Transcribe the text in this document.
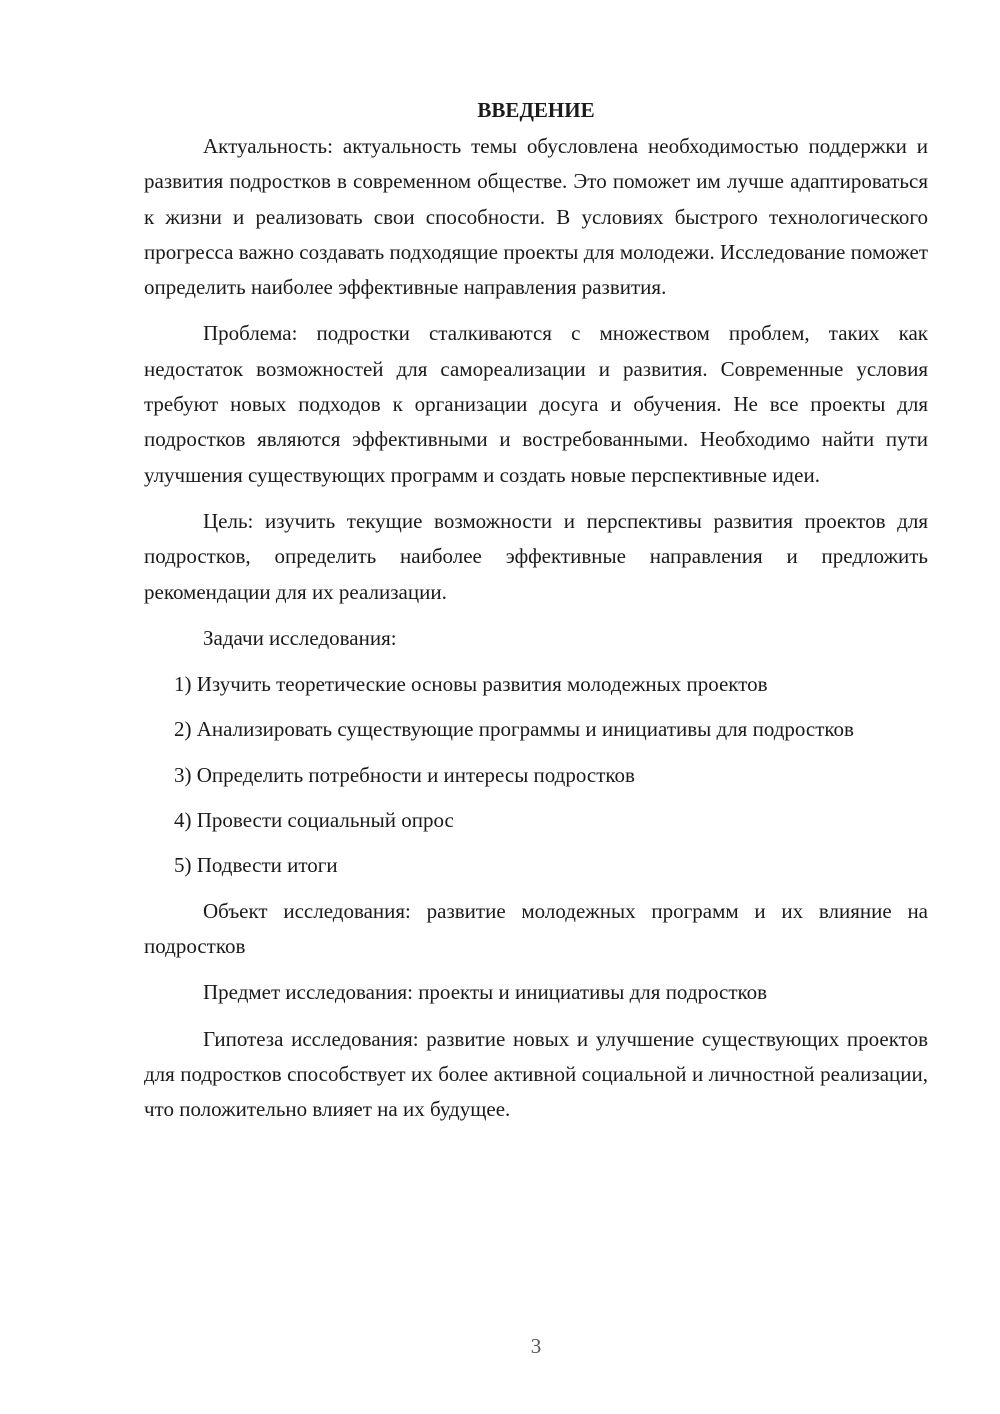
ВВЕДЕНИЕ

Актуальность: актуальность темы обусловлена необходимостью поддержки и развития подростков в современном обществе. Это поможет им лучше адаптироваться к жизни и реализовать свои способности. В условиях быстрого технологического прогресса важно создавать подходящие проекты для молодежи. Исследование поможет определить наиболее эффективные направления развития.

Проблема: подростки сталкиваются с множеством проблем, таких как недостаток возможностей для самореализации и развития. Современные условия требуют новых подходов к организации досуга и обучения. Не все проекты для подростков являются эффективными и востребованными. Необходимо найти пути улучшения существующих программ и создать новые перспективные идеи.

Цель: изучить текущие возможности и перспективы развития проектов для подростков, определить наиболее эффективные направления и предложить рекомендации для их реализации.

Задачи исследования:

1) Изучить теоретические основы развития молодежных проектов

2) Анализировать существующие программы и инициативы для подростков

3) Определить потребности и интересы подростков

4) Провести социальный опрос

5) Подвести итоги

Объект исследования: развитие молодежных программ и их влияние на подростков

Предмет исследования: проекты и инициативы для подростков

Гипотеза исследования: развитие новых и улучшение существующих проектов для подростков способствует их более активной социальной и личностной реализации, что положительно влияет на их будущее.

3
